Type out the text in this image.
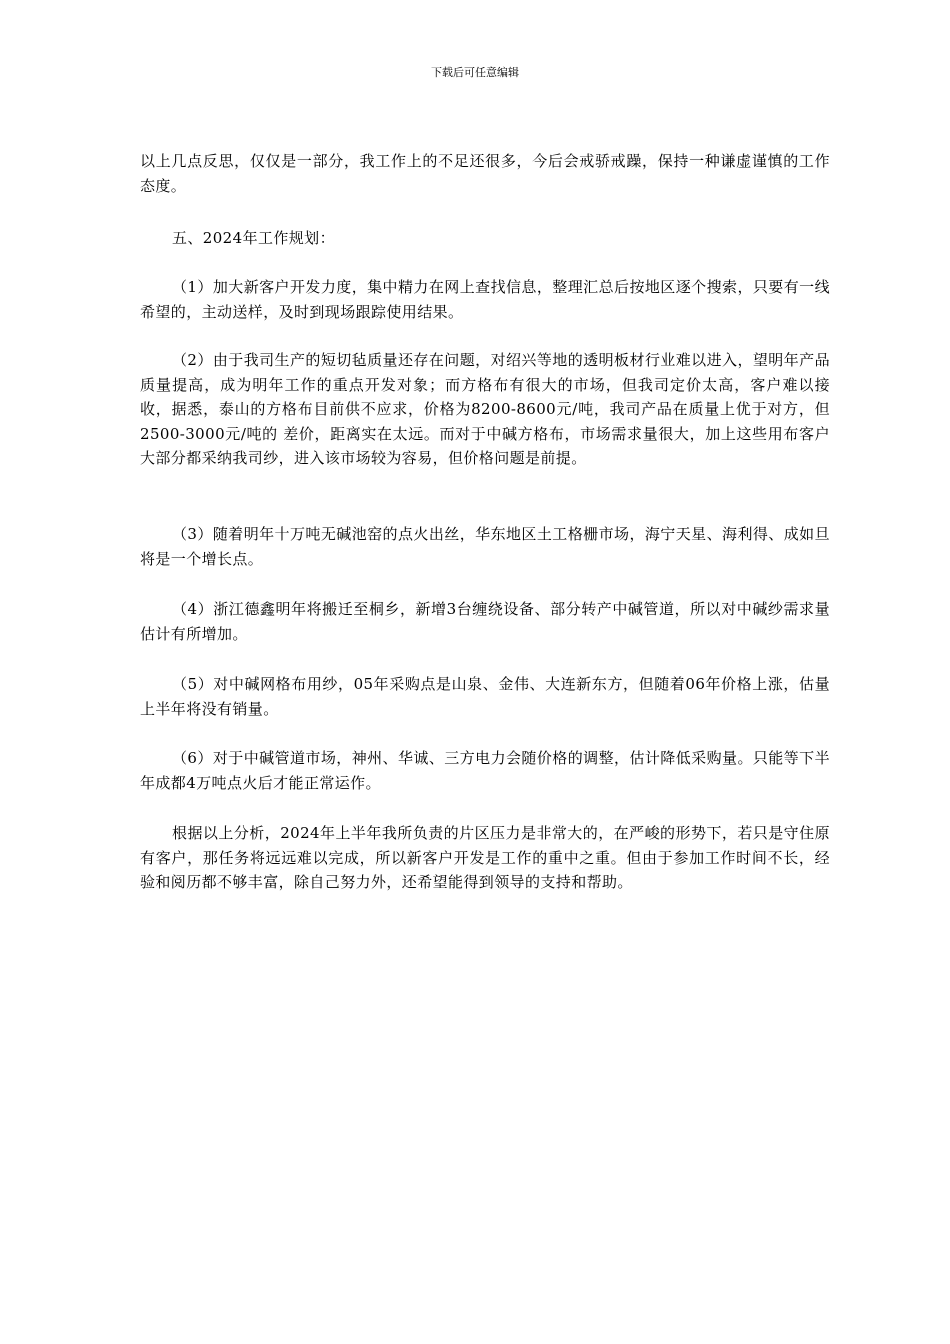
下载后可任意编辑

以上几点反思，仅仅是一部分，我工作上的不足还很多，今后会戒骄戒躁，保持一种谦虚谨慎的工作态度。

五、2024年工作规划：

（1）加大新客户开发力度，集中精力在网上查找信息，整理汇总后按地区逐个搜索，只要有一线希望的，主动送样，及时到现场跟踪使用结果。

（2）由于我司生产的短切毡质量还存在问题，对绍兴等地的透明板材行业难以进入，望明年产品质量提高，成为明年工作的重点开发对象；而方格布有很大的市场，但我司定价太高，客户难以接收，据悉，泰山的方格布目前供不应求，价格为8200-8600元/吨，我司产品在质量上优于对方，但2500-3000元/吨的 差价，距离实在太远。而对于中碱方格布，市场需求量很大，加上这些用布客户大部分都采纳我司纱，进入该市场较为容易，但价格问题是前提。

（3）随着明年十万吨无碱池窑的点火出丝，华东地区土工格栅市场，海宁天星、海利得、成如旦将是一个增长点。

（4）浙江德鑫明年将搬迁至桐乡，新增3台缠绕设备、部分转产中碱管道，所以对中碱纱需求量估计有所增加。

（5）对中碱网格布用纱，05年采购点是山泉、金伟、大连新东方，但随着06年价格上涨，估量上半年将没有销量。

（6）对于中碱管道市场，神州、华诚、三方电力会随价格的调整，估计降低采购量。只能等下半年成都4万吨点火后才能正常运作。

根据以上分析，2024年上半年我所负责的片区压力是非常大的，在严峻的形势下，若只是守住原有客户，那任务将远远难以完成，所以新客户开发是工作的重中之重。但由于参加工作时间不长，经验和阅历都不够丰富，除自己努力外，还希望能得到领导的支持和帮助。
